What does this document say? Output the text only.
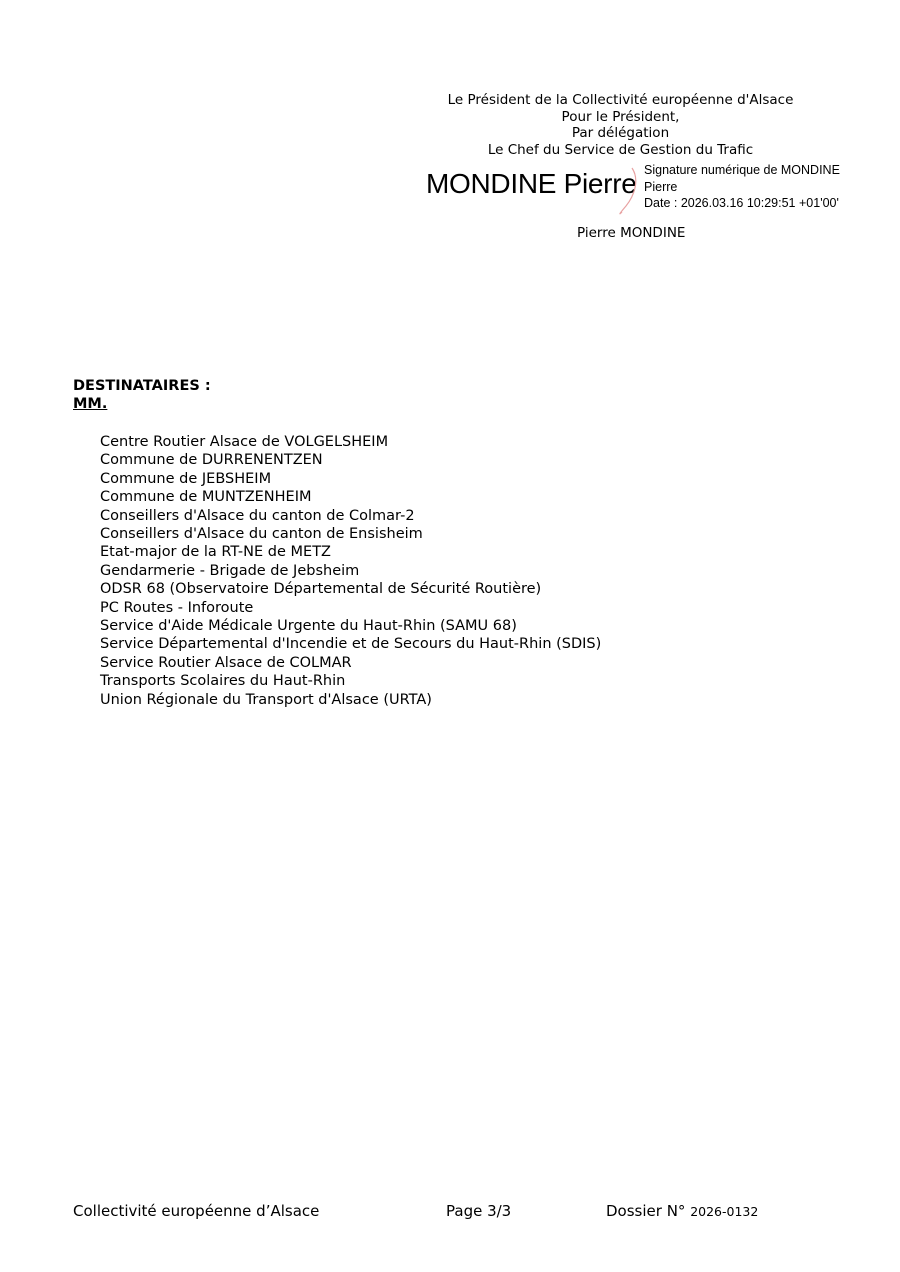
Le Président de la Collectivité européenne d'Alsace
Pour le Président,
Par délégation
Le Chef du Service de Gestion du Trafic
MONDINE Pierre Signature numérique de MONDINE
Pierre
Date : 2026.03.16 10:29:51 +01'00'
Pierre MONDINE
DESTINATAIRES :
MM.
Centre Routier Alsace de VOLGELSHEIM
Commune de DURRENENTZEN
Commune de JEBSHEIM
Commune de MUNTZENHEIM
Conseillers d'Alsace du canton de Colmar-2
Conseillers d'Alsace du canton de Ensisheim
Etat-major de la RT-NE de METZ
Gendarmerie - Brigade de Jebsheim
ODSR 68 (Observatoire Départemental de Sécurité Routière)
PC Routes - Inforoute
Service d'Aide Médicale Urgente du Haut-Rhin (SAMU 68)
Service Départemental d'Incendie et de Secours du Haut-Rhin (SDIS)
Service Routier Alsace de COLMAR
Transports Scolaires du Haut-Rhin
Union Régionale du Transport d'Alsace (URTA)
Collectivité européenne d’Alsace	Page 3/3	Dossier N° 2026-0132
